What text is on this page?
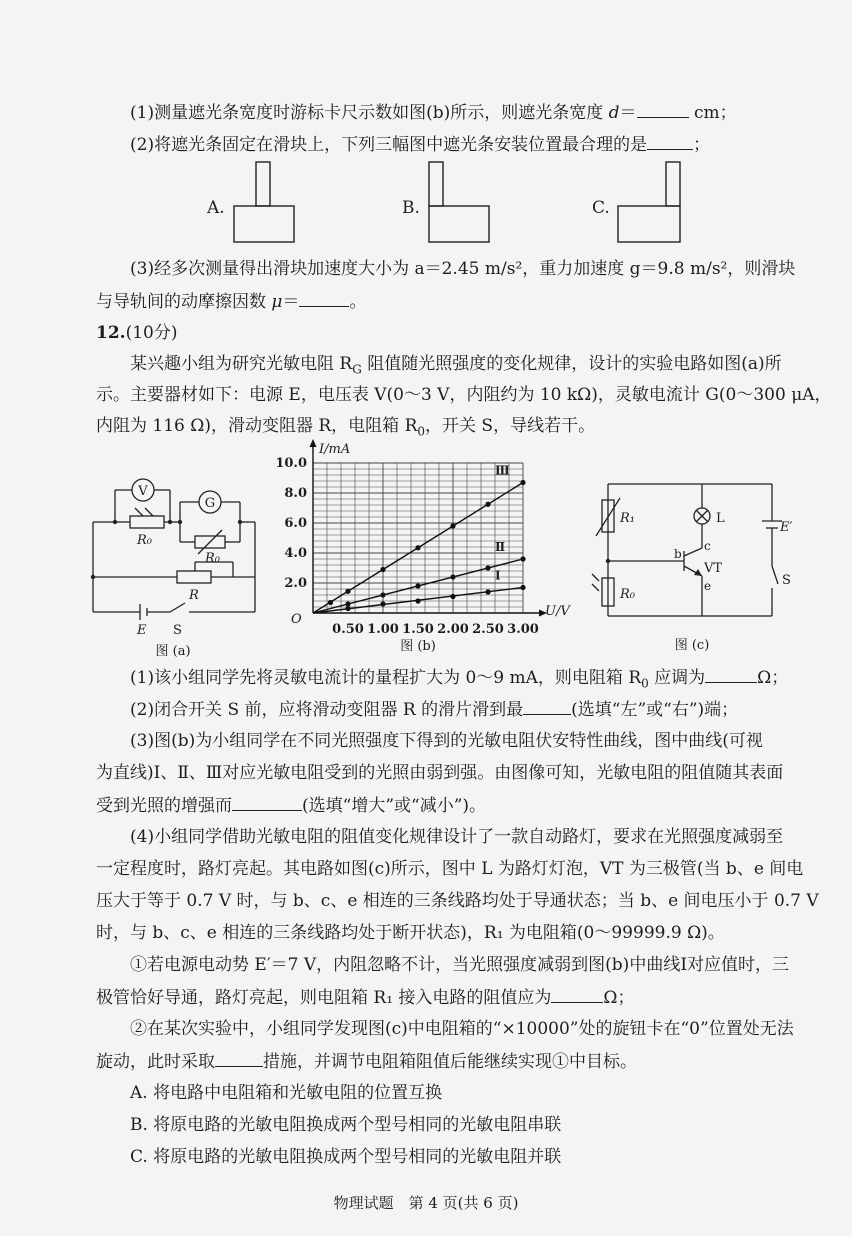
(1)测量遮光条宽度时游标卡尺示数如图(b)所示，则遮光条宽度 d＝	cm；
(2)将遮光条固定在滑块上，下列三幅图中遮光条安装位置最合理的是	；
A.	B.	C.
(3)经多次测量得出滑块加速度大小为 a＝2.45 m/s²，重力加速度 g＝9.8 m/s²，则滑块
与导轨间的动摩擦因数 μ＝	。
12.(10分)
某兴趣小组为研究光敏电阻 $R_G$ 阻值随光照强度的变化规律，设计的实验电路如图(a)所
示。主要器材如下：电源 E，电压表 V(0～3 V，内阻约为 10 kΩ)，灵敏电流计 G(0～300 μA，
内阻为 116 Ω)，滑动变阻器 R，电阻箱 $R_0$，开关 S，导线若干。
V
G
R₀
R₀
R
E S
图 (a)
I/mA
U/V
O
图 (b)
0.50 1.00 1.50 2.00 2.50 3.00
2.0
4.0
6.0
8.0
10.0	Ⅲ
Ⅱ
Ⅰ
R₁	L
E′
b
c
VT
R₀
e	S
图 (c)
(1)该小组同学先将灵敏电流计的量程扩大为 0～9 mA，则电阻箱 $R_0$ 应调为	Ω；
(2)闭合开关 S 前，应将滑动变阻器 R 的滑片滑到最	(选填“左”或“右”)端；
(3)图(b)为小组同学在不同光照强度下得到的光敏电阻伏安特性曲线，图中曲线(可视
为直线)Ⅰ、Ⅱ、Ⅲ对应光敏电阻受到的光照由弱到强。由图像可知，光敏电阻的阻值随其表面
受到光照的增强而	(选填“增大”或“减小”)。
(4)小组同学借助光敏电阻的阻值变化规律设计了一款自动路灯，要求在光照强度减弱至
一定程度时，路灯亮起。其电路如图(c)所示，图中 L 为路灯灯泡，VT 为三极管(当 b、e 间电
压大于等于 0.7 V 时，与 b、c、e 相连的三条线路均处于导通状态；当 b、e 间电压小于 0.7 V
时，与 b、c、e 相连的三条线路均处于断开状态)，R₁ 为电阻箱(0～99999.9 Ω)。
①若电源电动势 E′＝7 V，内阻忽略不计，当光照强度减弱到图(b)中曲线Ⅰ对应值时，三
极管恰好导通，路灯亮起，则电阻箱 R₁ 接入电路的阻值应为	Ω；
②在某次实验中，小组同学发现图(c)中电阻箱的“×10000”处的旋钮卡在“0”位置处无法
旋动，此时采取	措施，并调节电阻箱阻值后能继续实现①中目标。
A. 将电路中电阻箱和光敏电阻的位置互换
B. 将原电路的光敏电阻换成两个型号相同的光敏电阻串联
C. 将原电路的光敏电阻换成两个型号相同的光敏电阻并联
物理试题　第 4 页(共 6 页)
